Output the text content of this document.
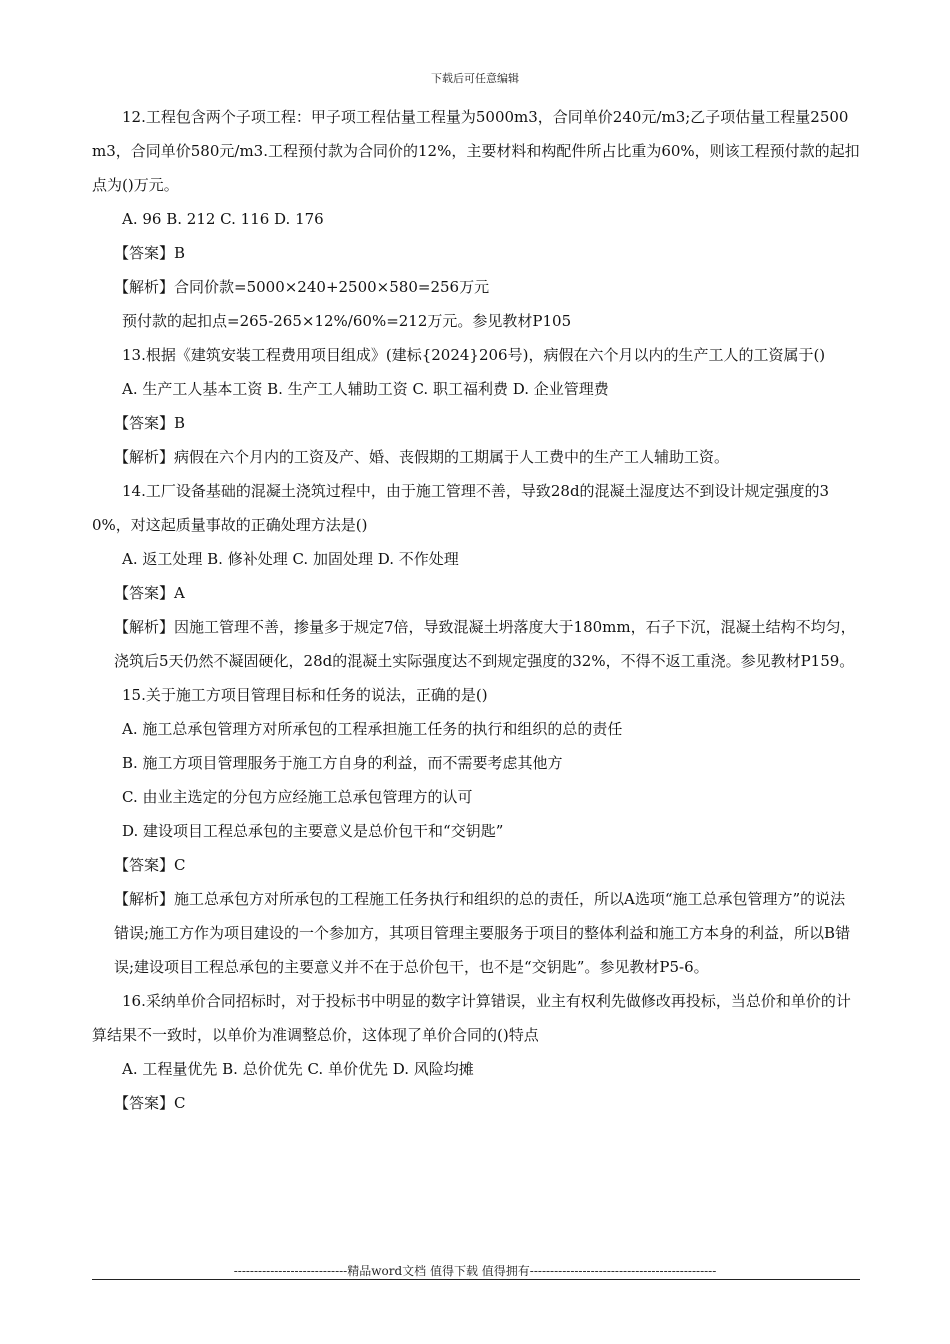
下载后可任意编辑

12.工程包含两个子项工程：甲子项工程估量工程量为5000m3，合同单价240元/m3;乙子项估量工程量2500m3，合同单价580元/m3.工程预付款为合同价的12%，主要材料和构配件所占比重为60%，则该工程预付款的起扣点为()万元。

A. 96 B. 212 C. 116 D. 176

【答案】B

【解析】合同价款=5000×240+2500×580=256万元

预付款的起扣点=265-265×12%/60%=212万元。参见教材P105

13.根据《建筑安装工程费用项目组成》(建标{2024}206号)，病假在六个月以内的生产工人的工资属于()

A. 生产工人基本工资 B. 生产工人辅助工资 C. 职工福利费 D. 企业管理费

【答案】B

【解析】病假在六个月内的工资及产、婚、丧假期的工期属于人工费中的生产工人辅助工资。

14.工厂设备基础的混凝土浇筑过程中，由于施工管理不善，导致28d的混凝土湿度达不到设计规定强度的30%，对这起质量事故的正确处理方法是()

A. 返工处理 B. 修补处理 C. 加固处理 D. 不作处理

【答案】A

【解析】因施工管理不善，掺量多于规定7倍，导致混凝土坍落度大于180mm，石子下沉，混凝土结构不均匀，浇筑后5天仍然不凝固硬化，28d的混凝土实际强度达不到规定强度的32%，不得不返工重浇。参见教材P159。

15.关于施工方项目管理目标和任务的说法，正确的是()

A. 施工总承包管理方对所承包的工程承担施工任务的执行和组织的总的责任

B. 施工方项目管理服务于施工方自身的利益，而不需要考虑其他方

C. 由业主选定的分包方应经施工总承包管理方的认可

D. 建设项目工程总承包的主要意义是总价包干和“交钥匙”

【答案】C

【解析】施工总承包方对所承包的工程施工任务执行和组织的总的责任，所以A选项“施工总承包管理方”的说法错误;施工方作为项目建设的一个参加方，其项目管理主要服务于项目的整体利益和施工方本身的利益，所以B错误;建设项目工程总承包的主要意义并不在于总价包干，也不是“交钥匙”。参见教材P5-6。

16.采纳单价合同招标时，对于投标书中明显的数字计算错误，业主有权利先做修改再投标，当总价和单价的计算结果不一致时，以单价为准调整总价，这体现了单价合同的()特点

A. 工程量优先 B. 总价优先 C. 单价优先 D. 风险均摊

【答案】C

----------------------------精品word文档 值得下载 值得拥有----------------------------------------------
